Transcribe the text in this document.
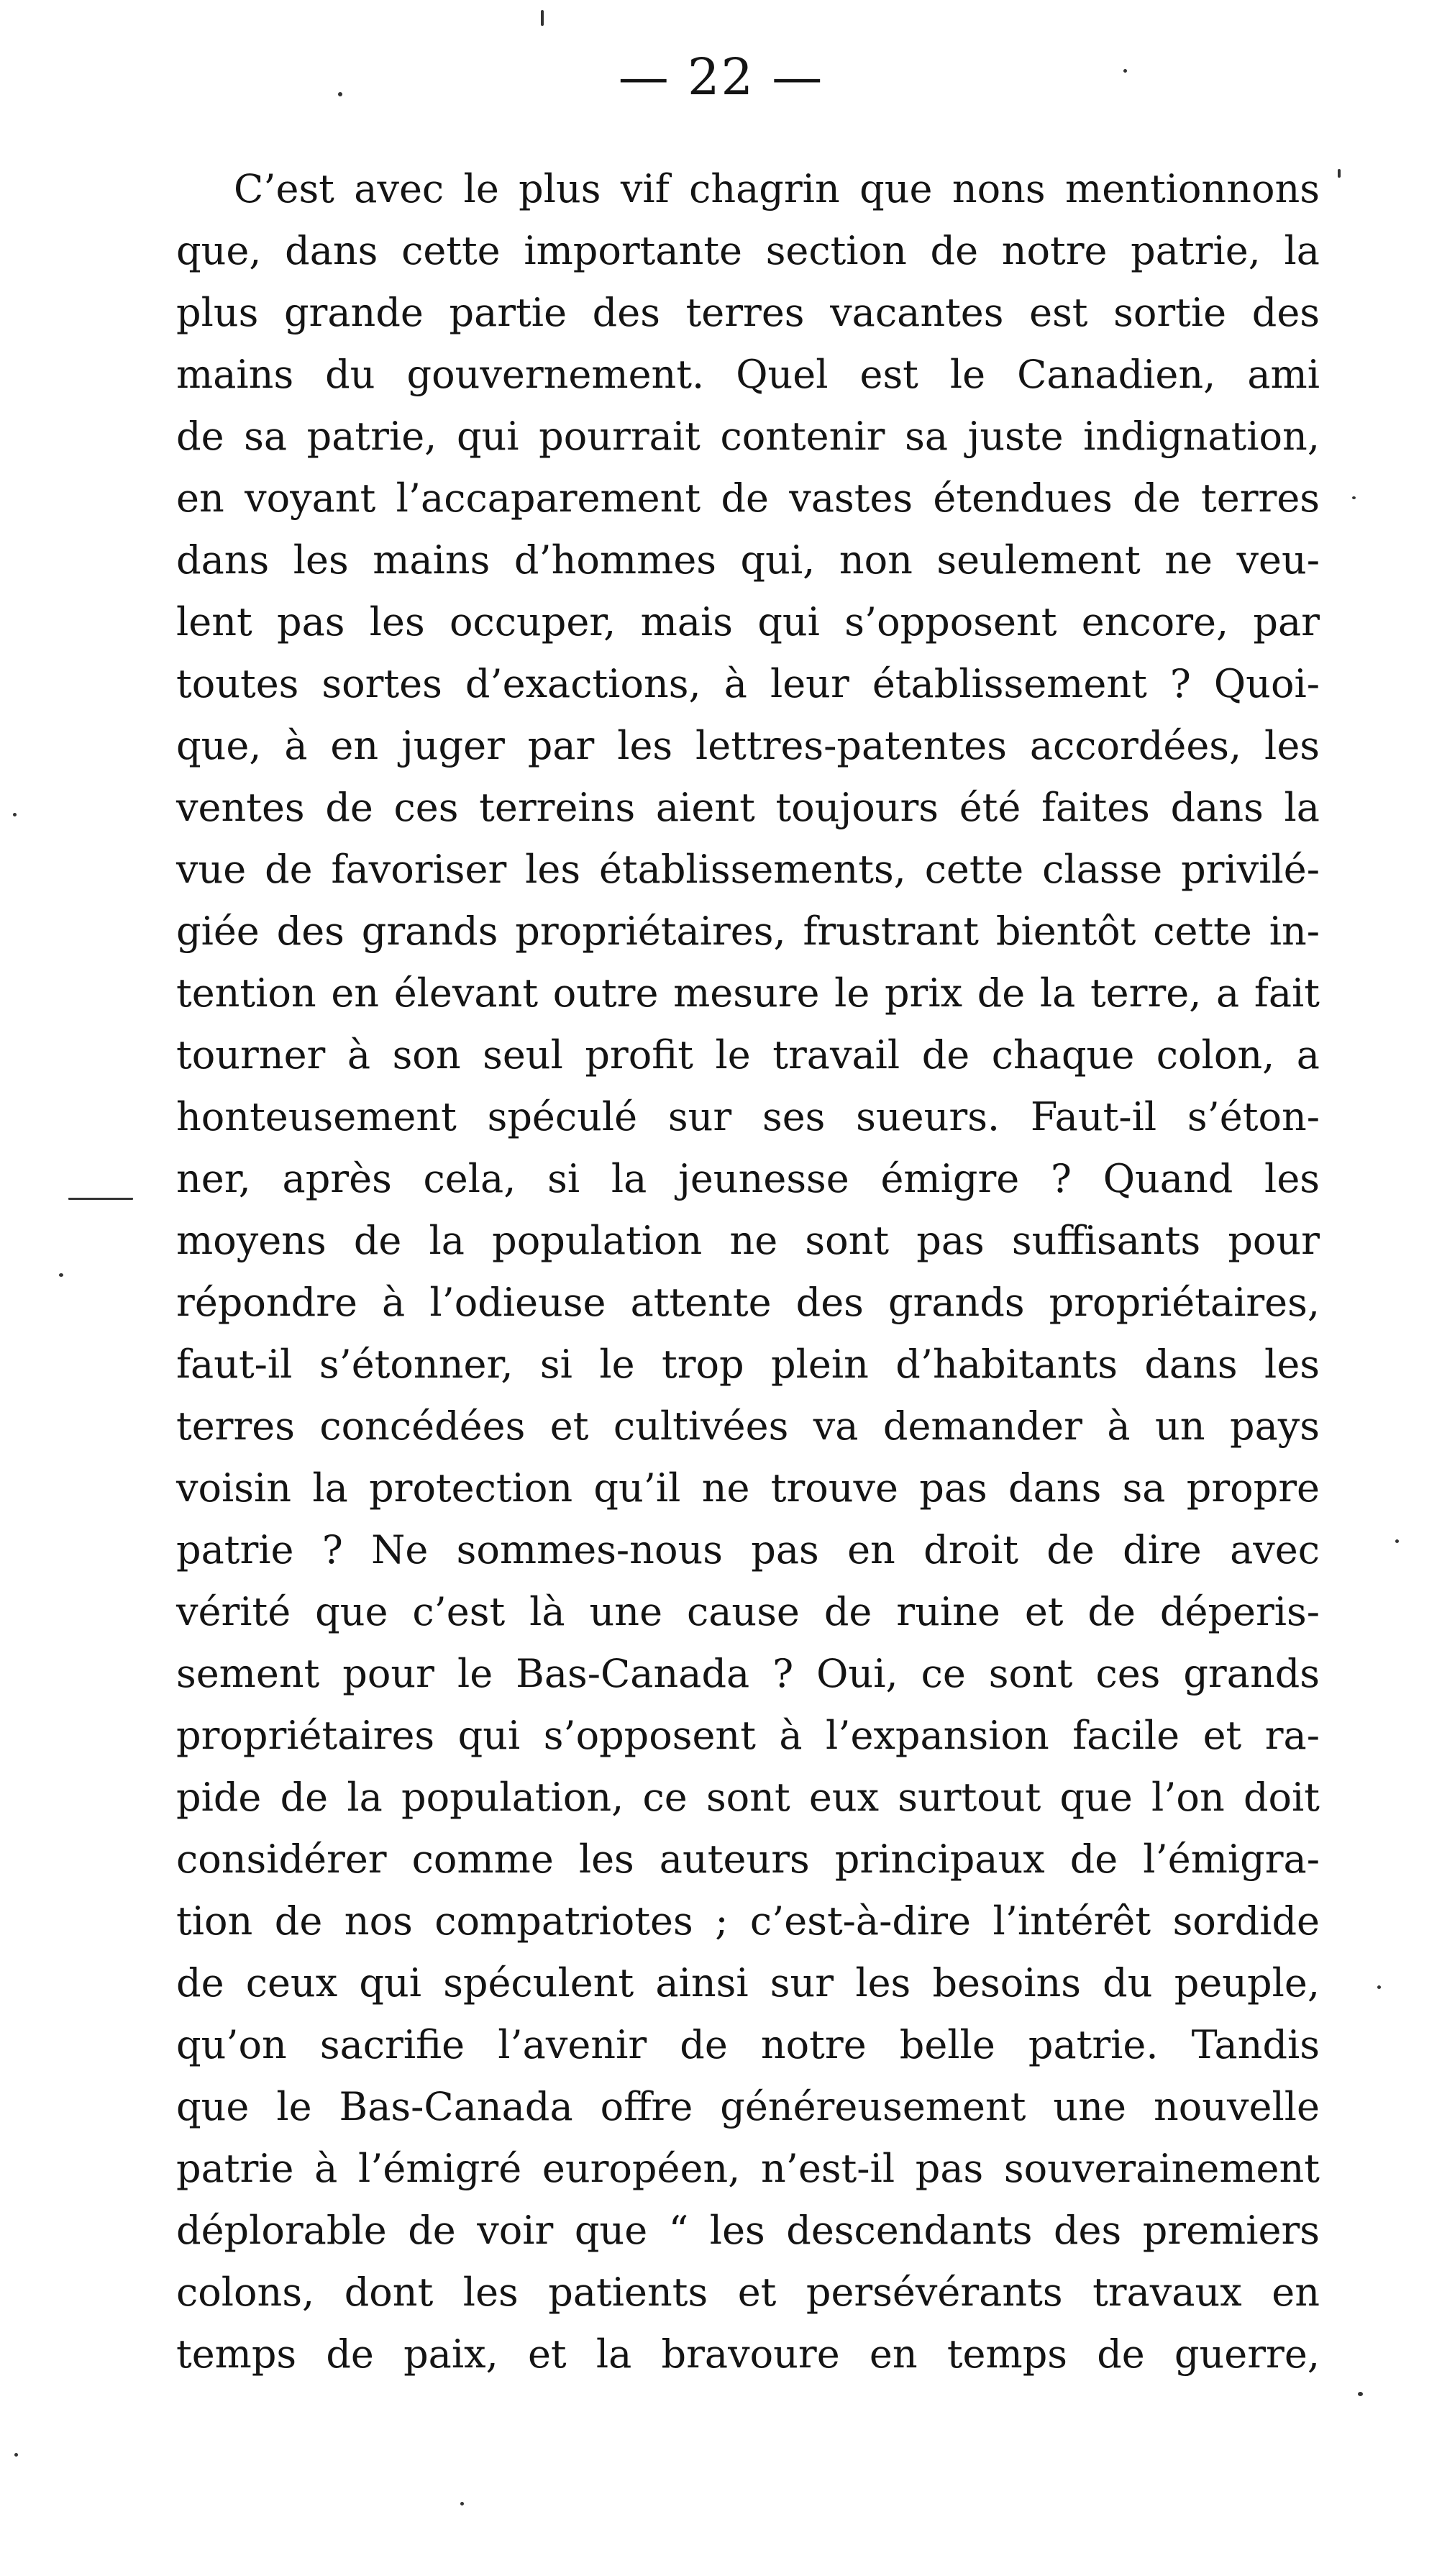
— 22 —
C’est avec le plus vif chagrin que nons mentionnons
que, dans cette importante section de notre patrie, la
plus grande partie des terres vacantes est sortie des
mains du gouvernement. Quel est le Canadien, ami
de sa patrie, qui pourrait contenir sa juste indignation,
en voyant l’accaparement de vastes étendues de terres
dans les mains d’hommes qui, non seulement ne veu-
lent pas les occuper, mais qui s’opposent encore, par
toutes sortes d’exactions, à leur établissement ? Quoi-
que, à en juger par les lettres-patentes accordées, les
ventes de ces terreins aient toujours été faites dans la
vue de favoriser les établissements, cette classe privilé-
giée des grands propriétaires, frustrant bientôt cette in-
tention en élevant outre mesure le prix de la terre, a fait
tourner à son seul profit le travail de chaque colon, a
honteusement spéculé sur ses sueurs. Faut-il s’éton-
ner, après cela, si la jeunesse émigre ? Quand les
moyens de la population ne sont pas suffisants pour
répondre à l’odieuse attente des grands propriétaires,
faut-il s’étonner, si le trop plein d’habitants dans les
terres concédées et cultivées va demander à un pays
voisin la protection qu’il ne trouve pas dans sa propre
patrie ? Ne sommes-nous pas en droit de dire avec
vérité que c’est là une cause de ruine et de déperis-
sement pour le Bas-Canada ? Oui, ce sont ces grands
propriétaires qui s’opposent à l’expansion facile et ra-
pide de la population, ce sont eux surtout que l’on doit
considérer comme les auteurs principaux de l’émigra-
tion de nos compatriotes ; c’est-à-dire l’intérêt sordide
de ceux qui spéculent ainsi sur les besoins du peuple,
qu’on sacrifie l’avenir de notre belle patrie. Tandis
que le Bas-Canada offre généreusement une nouvelle
patrie à l’émigré européen, n’est-il pas souverainement
déplorable de voir que “ les descendants des premiers
colons, dont les patients et persévérants travaux en
temps de paix, et la bravoure en temps de guerre,
